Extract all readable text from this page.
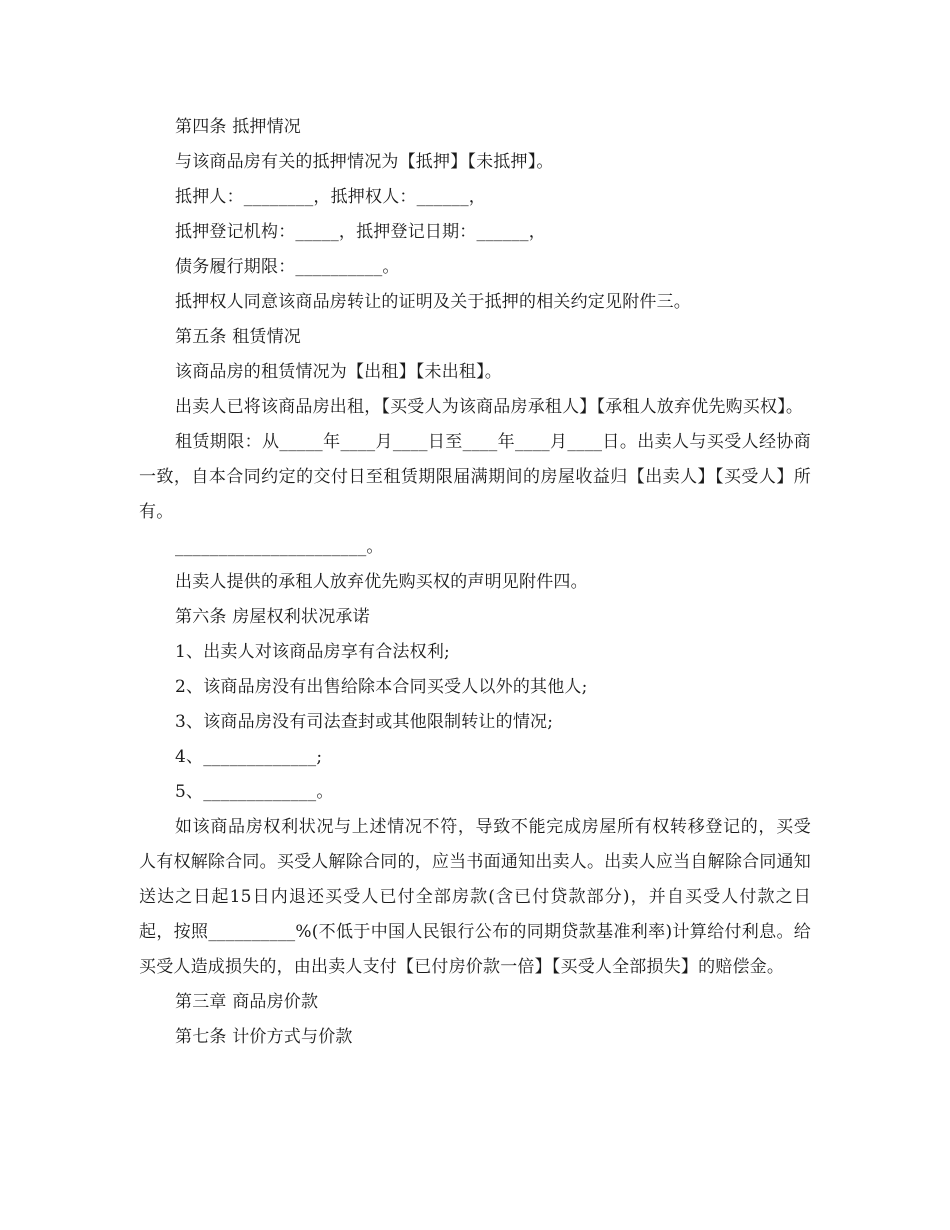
第四条 抵押情况
与该商品房有关的抵押情况为【抵押】【未抵押】。
抵押人：________，抵押权人：______，
抵押登记机构：_____，抵押登记日期：______，
债务履行期限：__________。
抵押权人同意该商品房转让的证明及关于抵押的相关约定见附件三。
第五条 租赁情况
该商品房的租赁情况为【出租】【未出租】。
出卖人已将该商品房出租，【买受人为该商品房承租人】【承租人放弃优先购买权】。
租赁期限：从_____年____月____日至____年____月____日。出卖人与买受人经协商一致，自本合同约定的交付日至租赁期限届满期间的房屋收益归【出卖人】【买受人】所有。
______________________。
出卖人提供的承租人放弃优先购买权的声明见附件四。
第六条 房屋权利状况承诺
1、出卖人对该商品房享有合法权利;
2、该商品房没有出售给除本合同买受人以外的其他人;
3、该商品房没有司法查封或其他限制转让的情况;
4、_____________;
5、_____________。
如该商品房权利状况与上述情况不符，导致不能完成房屋所有权转移登记的，买受人有权解除合同。买受人解除合同的，应当书面通知出卖人。出卖人应当自解除合同通知送达之日起15日内退还买受人已付全部房款(含已付贷款部分)，并自买受人付款之日起，按照__________%(不低于中国人民银行公布的同期贷款基准利率)计算给付利息。给买受人造成损失的，由出卖人支付【已付房价款一倍】【买受人全部损失】的赔偿金。
第三章 商品房价款
第七条 计价方式与价款
